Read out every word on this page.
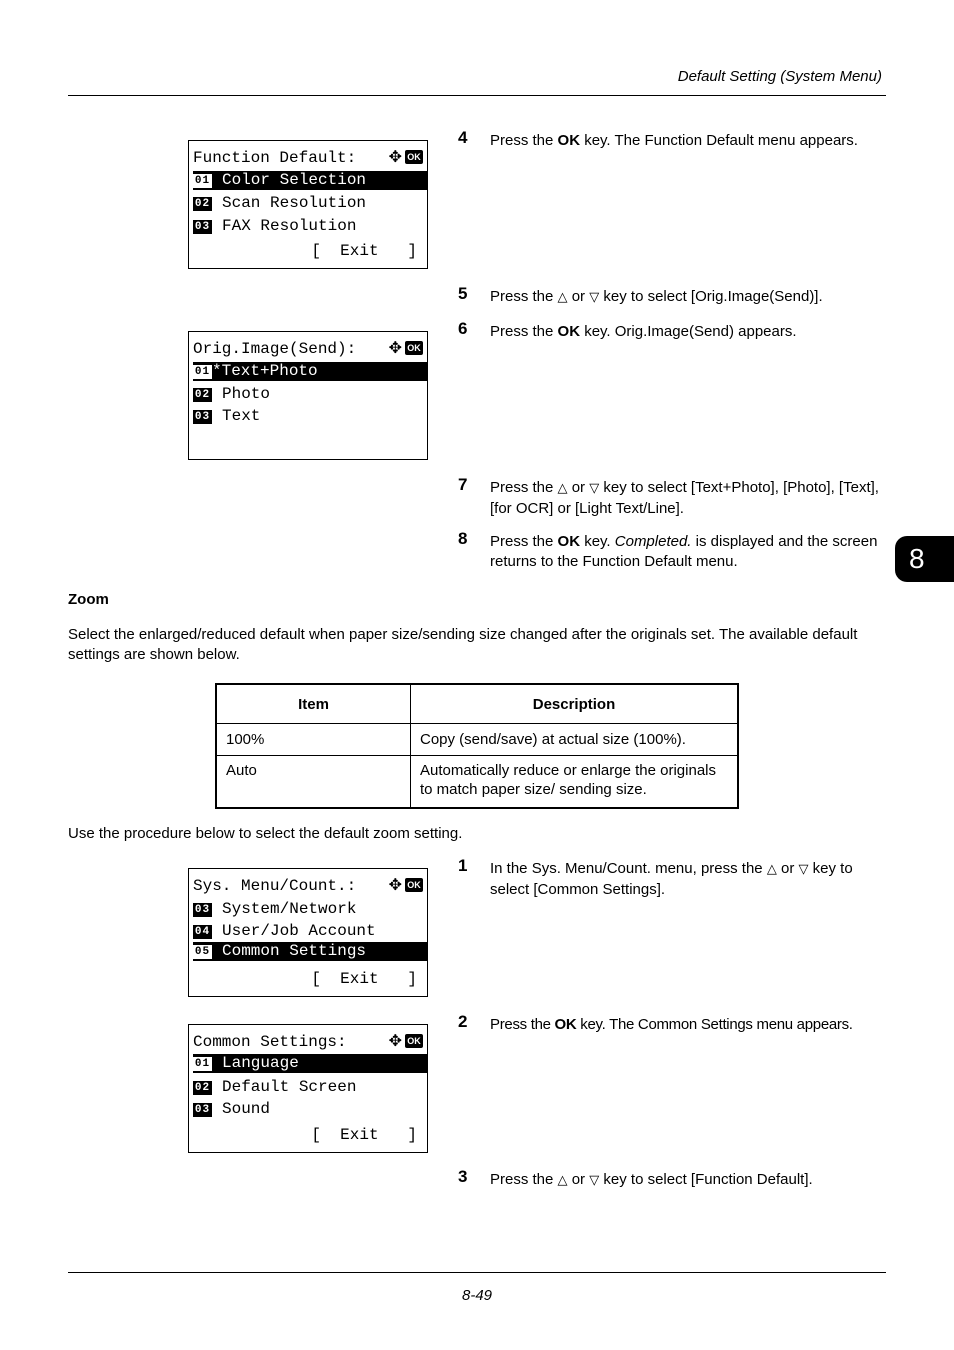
Default Setting (System Menu)
8
Function Default:	✥ OK
01 Color Selection
02 Scan Resolution
03 FAX Resolution
[  Exit   ]
Orig.Image(Send):	✥ OK
01 *Text+Photo
02 Photo
03 Text
4 Press the OK key. The Function Default menu appears.
5 Press the △ or ▽ key to select [Orig.Image(Send)].
6 Press the OK key. Orig.Image(Send) appears.
7 Press the △ or ▽ key to select [Text+Photo], [Photo], [Text], [for OCR] or [Light Text/Line].
8 Press the OK key. Completed. is displayed and the screen returns to the Function Default menu.
Zoom
Select the enlarged/reduced default when paper size/sending size changed after the originals set. The available default settings are shown below.
Item	Description
100%	Copy (send/save) at actual size (100%).
Auto	Automatically reduce or enlarge the originals to match paper size/ sending size.
Use the procedure below to select the default zoom setting.
Sys. Menu/Count.:	✥ OK
03 System/Network
04 User/Job Account
05 Common Settings
[  Exit   ]
Common Settings:	✥ OK
01 Language
02 Default Screen
03 Sound
[  Exit   ]
1 In the Sys. Menu/Count. menu, press the △ or ▽ key to select [Common Settings].
2 Press the OK key. The Common Settings menu appears.
3 Press the △ or ▽ key to select [Function Default].
8-49
